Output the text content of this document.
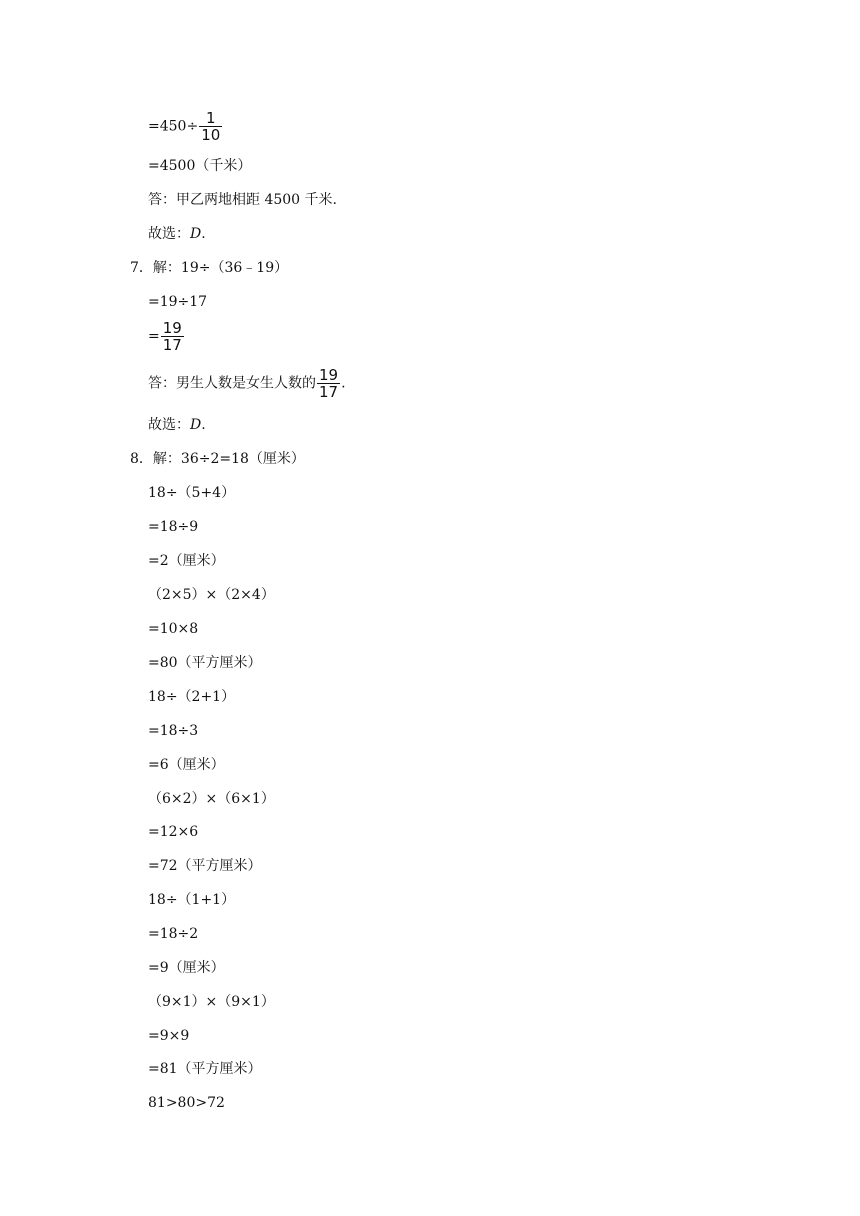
$=450\div \frac{1}{10}$
=4500（千米）
答：甲乙两地相距 4500 千米.
故选：D.
7．解：19÷（36﹣19）
=19÷17
= $\frac{19}{17}$
答：男生人数是女生人数的 $\frac{19}{17}$ .
故选：D.
8．解：36÷2=18（厘米）
18÷（5+4）
=18÷9
=2（厘米）
（2×5）×（2×4）
=10×8
=80（平方厘米）
18÷（2+1）
=18÷3
=6（厘米）
（6×2）×（6×1）
=12×6
=72（平方厘米）
18÷（1+1）
=18÷2
=9（厘米）
（9×1）×（9×1）
=9×9
=81（平方厘米）
81>80>72
